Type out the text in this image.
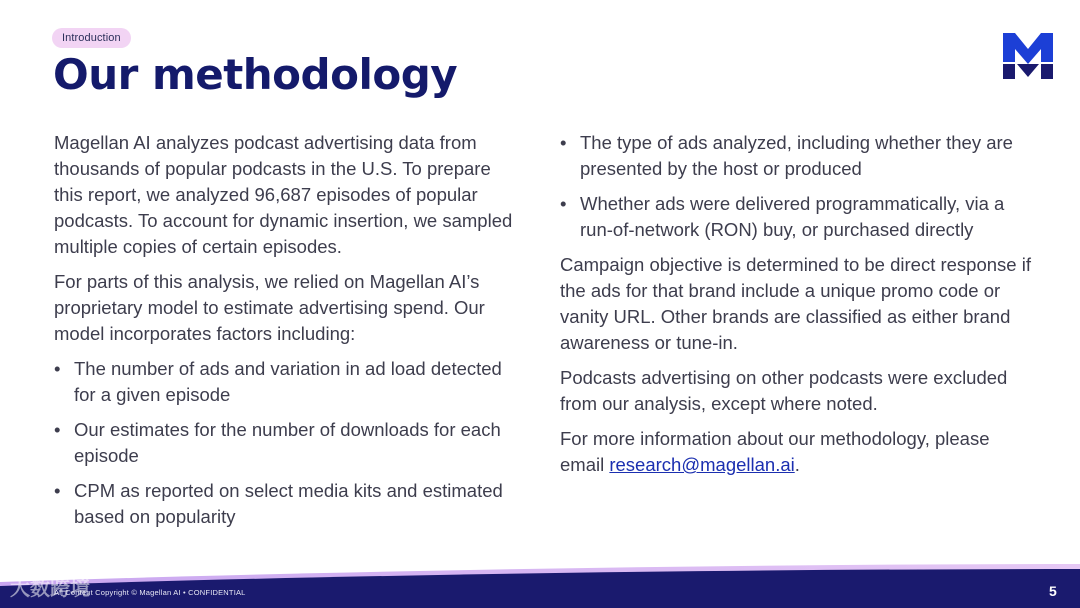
Introduction
Our methodology

Magellan AI analyzes podcast advertising data from thousands of popular podcasts in the U.S. To prepare this report, we analyzed 96,687 episodes of popular podcasts. To account for dynamic insertion, we sampled multiple copies of certain episodes.

For parts of this analysis, we relied on Magellan AI’s proprietary model to estimate advertising spend. Our model incorporates factors including:

• The number of ads and variation in ad load detected for a given episode
• Our estimates for the number of downloads for each episode
• CPM as reported on select media kits and estimated based on popularity
• The type of ads analyzed, including whether they are presented by the host or produced
• Whether ads were delivered programmatically, via a run-of-network (RON) buy, or purchased directly

Campaign objective is determined to be direct response if the ads for that brand include a unique promo code or vanity URL. Other brands are classified as either brand awareness or tune-in.

Podcasts advertising on other podcasts were excluded from our analysis, except where noted.

For more information about our methodology, please email research@magellan.ai.

大数跨境
All Content Copyright © Magellan AI • CONFIDENTIAL	5
